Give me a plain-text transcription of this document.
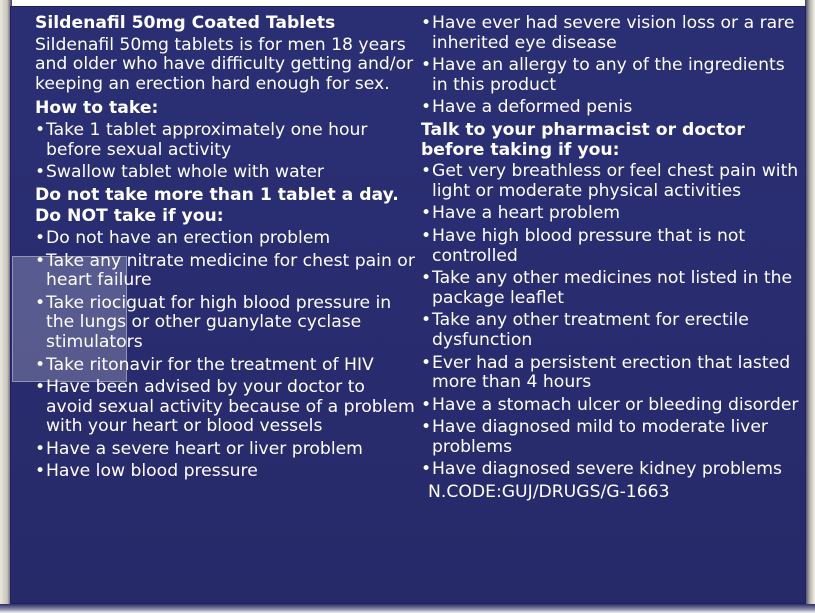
Sildenafil 50mg Coated Tablets
Sildenafil 50mg tablets is for men 18 years and older who have difficulty getting and/or keeping an erection hard enough for sex.
How to take:
• Take 1 tablet approximately one hour before sexual activity
• Swallow tablet whole with water
Do not take more than 1 tablet a day.
Do NOT take if you:
• Do not have an erection problem
• Take any nitrate medicine for chest pain or heart failure
• Take riociguat for high blood pressure in the lungs or other guanylate cyclase stimulators
• Take ritonavir for the treatment of HIV
• Have been advised by your doctor to avoid sexual activity because of a problem with your heart or blood vessels
• Have a severe heart or liver problem
• Have low blood pressure
• Have ever had severe vision loss or a rare inherited eye disease
• Have an allergy to any of the ingredients in this product
• Have a deformed penis
Talk to your pharmacist or doctor before taking if you:
• Get very breathless or feel chest pain with light or moderate physical activities
• Have a heart problem
• Have high blood pressure that is not controlled
• Take any other medicines not listed in the package leaflet
• Take any other treatment for erectile dysfunction
• Ever had a persistent erection that lasted more than 4 hours
• Have a stomach ulcer or bleeding disorder
• Have diagnosed mild to moderate liver problems
• Have diagnosed severe kidney problems
N.CODE:GUJ/DRUGS/G-1663
